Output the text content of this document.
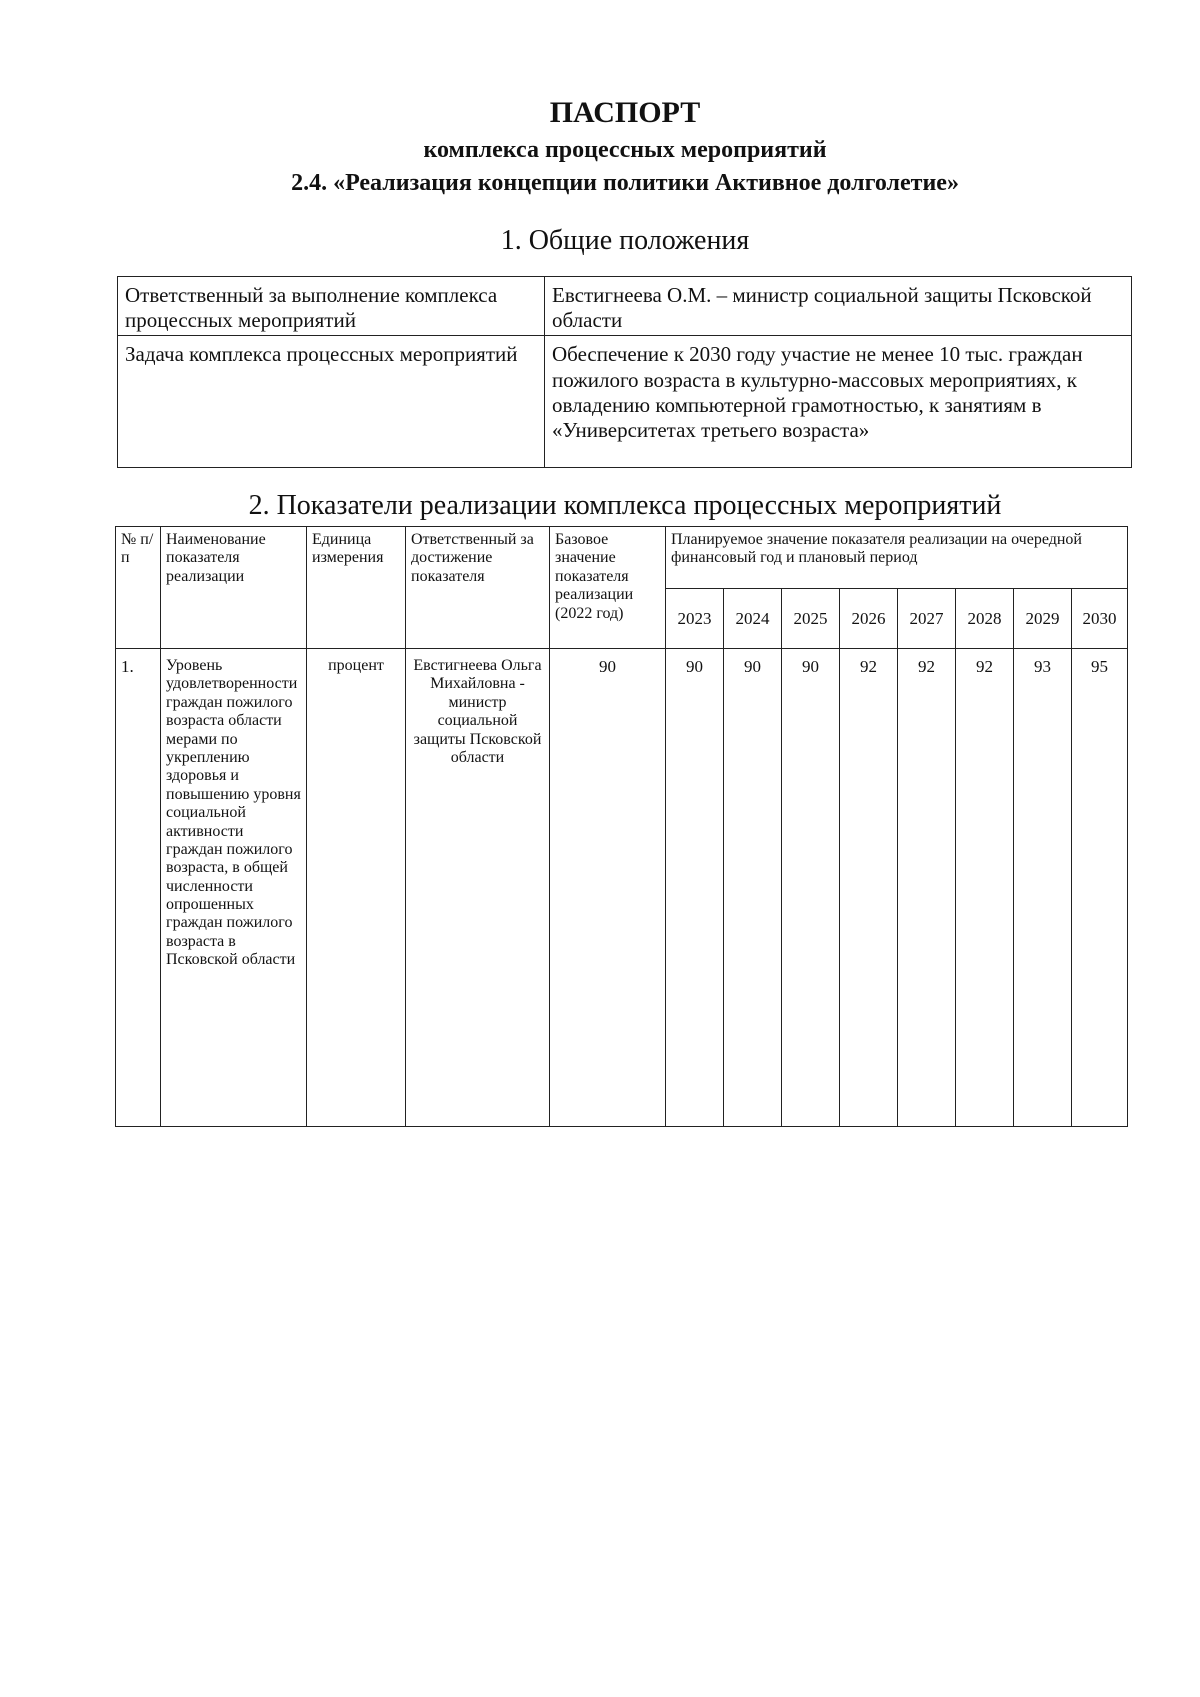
ПАСПОРТ
комплекса процессных мероприятий
2.4. «Реализация концепции политики Активное долголетие»
1. Общие положения
Ответственный за выполнение комплекса процессных мероприятий	Евстигнеева О.М. – министр социальной защиты Псковской области
Задача комплекса процессных мероприятий	Обеспечение к 2030 году участие не менее 10 тыс. граждан пожилого возраста в культурно-массовых мероприятиях, к овладению компьютерной грамотностью, к занятиям в «Университетах третьего возраста»
2. Показатели реализации комплекса процессных мероприятий
№ п/п	Наименование показателя реализации	Единица измерения	Ответственный за достижение показателя	Базовое значение показателя реализации (2022 год)	Планируемое значение показателя реализации на очередной финансовый год и плановый период							
					2023	2024	2025	2026	2027	2028	2029	2030
1.	Уровень удовлетворенности граждан пожилого возраста области мерами по укреплению здоровья и повышению уровня социальной активности граждан пожилого возраста, в общей численности опрошенных граждан пожилого возраста в Псковской области	процент	Евстигнеева Ольга Михайловна - министр социальной защиты Псковской области	90	90	90	90	92	92	92	93	95
